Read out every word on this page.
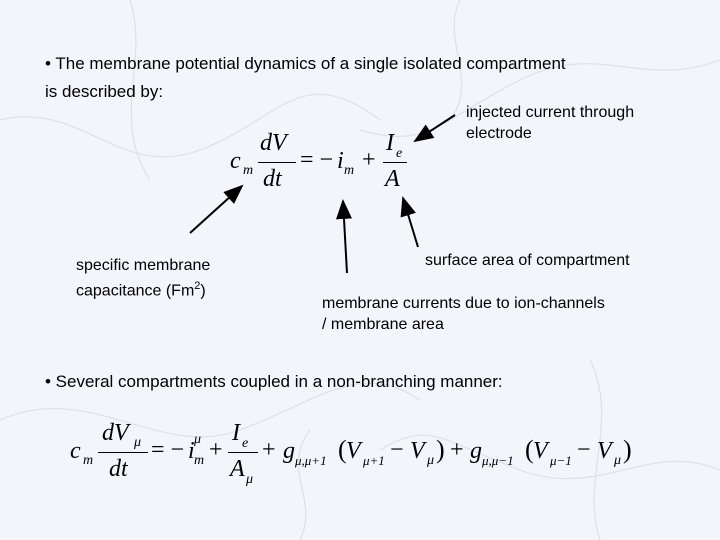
• The membrane potential dynamics of a single isolated compartment
is described by:
injected current through
electrode
c m
dV
dt
= − i m +
I e
A
specific membrane
capacitance (Fm$^2$)
surface area of compartment
membrane currents due to ion-channels
/ membrane area
• Several compartments coupled in a non-branching manner:
c m
dV μ
dt
= − i μ
m +
I e
A μ
+ g μ,μ+1 ( V μ+1 − V μ ) + g μ,μ−1 ( V μ−1 − V μ )
